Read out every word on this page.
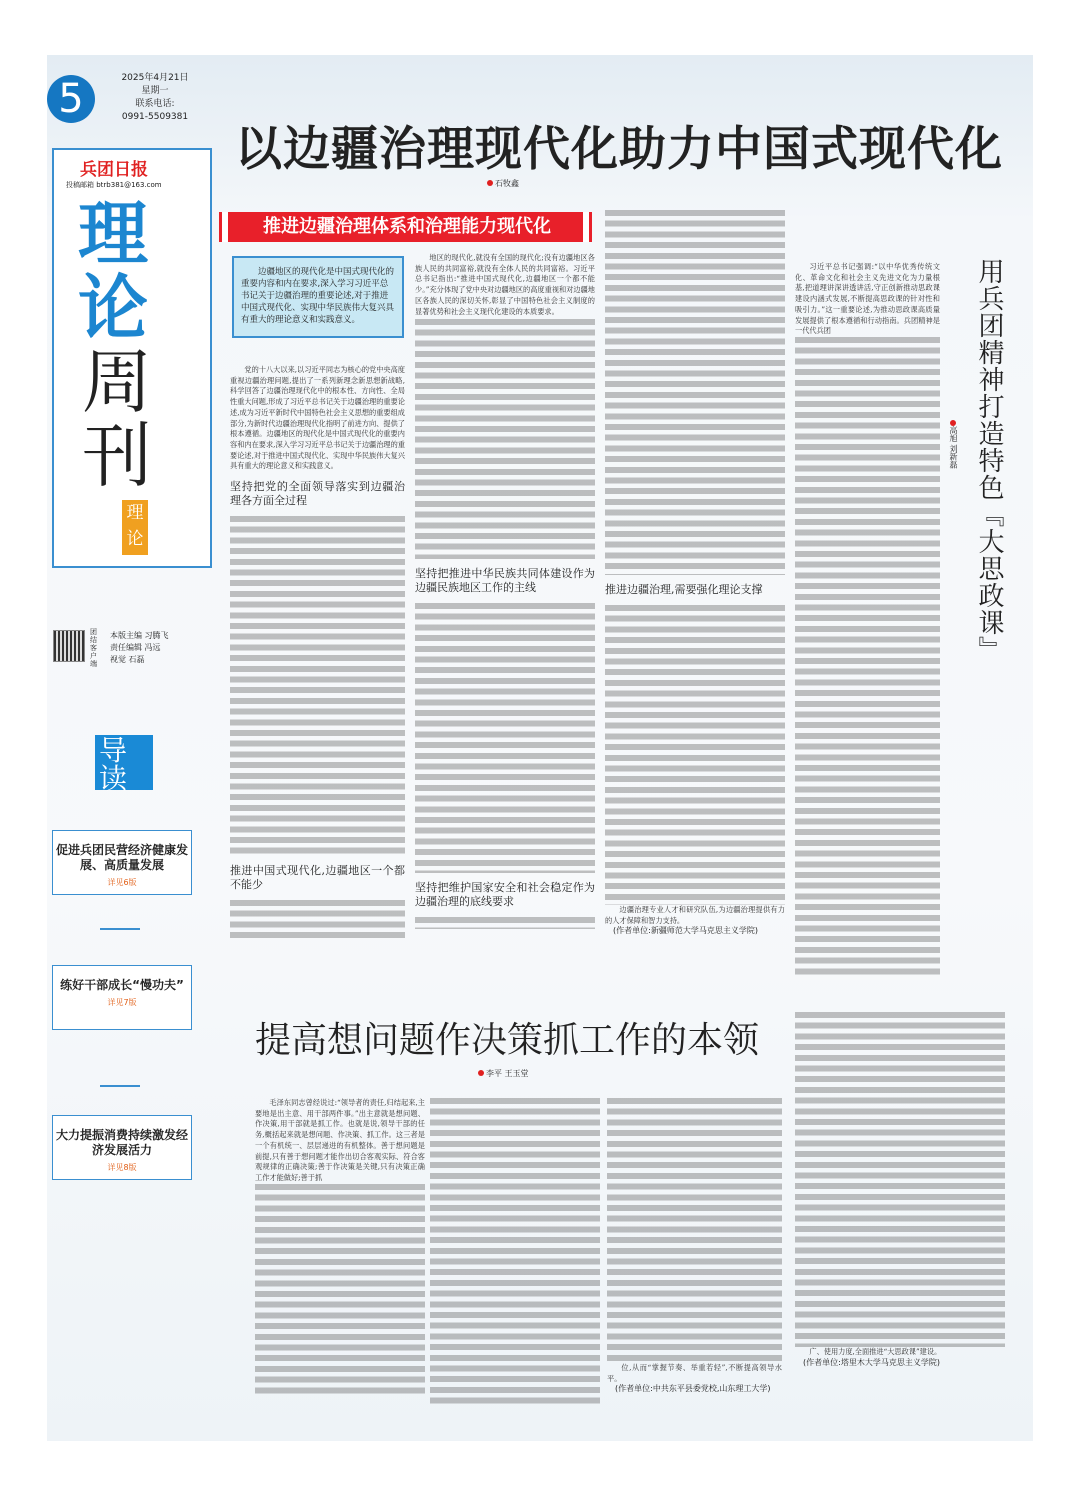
5	2025年4月21日
星期一
联系电话:
0991-5509381
兵团日报
投稿邮箱 btrb381@163.com
理
论
周
刊
理论
团结客户端
本版主编 习腾飞
责任编辑 冯远
视觉 石磊
导读
促进兵团民营经济健康发展、高质量发展
详见6版
练好干部成长“慢功夫”
详见7版
大力提振消费持续激发经济发展活力
详见8版
以边疆治理现代化助力中国式现代化
石牧鑫
推进边疆治理体系和治理能力现代化
边疆地区的现代化是中国式现代化的重要内容和内在要求,深入学习习近平总书记关于边疆治理的重要论述,对于推进中国式现代化、实现中华民族伟大复兴具有重大的理论意义和实践意义。

党的十八大以来,以习近平同志为核心的党中央高度重视边疆治理问题,提出了一系列新理念新思想新战略,科学回答了边疆治理现代化中的根本性、方向性、全局性重大问题,形成了习近平总书记关于边疆治理的重要论述,成为习近平新时代中国特色社会主义思想的重要组成部分,为新时代边疆治理现代化指明了前进方向、提供了根本遵循。边疆地区的现代化是中国式现代化的重要内容和内在要求,深入学习习近平总书记关于边疆治理的重要论述,对于推进中国式现代化、实现中华民族伟大复兴具有重大的理论意义和实践意义。

坚持把党的全面领导落实到边疆治理各方面全过程
推进中国式现代化,边疆地区一个都不能少

地区的现代化,就没有全国的现代化;没有边疆地区各族人民的共同富裕,就没有全体人民的共同富裕。习近平总书记指出:“推进中国式现代化,边疆地区一个都不能少。”充分体现了党中央对边疆地区的高度重视和对边疆地区各族人民的深切关怀,彰显了中国特色社会主义制度的显著优势和社会主义现代化建设的本质要求。

坚持把推进中华民族共同体建设作为边疆民族地区工作的主线
坚持把维护国家安全和社会稳定作为边疆治理的底线要求
推进边疆治理,需要强化理论支撑

边疆治理专业人才和研究队伍,为边疆治理提供有力的人才保障和智力支持。

(作者单位:新疆师范大学马克思主义学院)
用兵团精神打造特色『大思政课』
高旭 刘新磊

习近平总书记强调:“以中华优秀传统文化、革命文化和社会主义先进文化为力量根基,把道理讲深讲透讲活,守正创新推动思政课建设内涵式发展,不断提高思政课的针对性和吸引力。”这一重要论述,为推动思政课高质量发展提供了根本遵循和行动指南。兵团精神是一代代兵团

广、使用力度,全面推进“大思政课”建设。

(作者单位:塔里木大学马克思主义学院)
提高想问题作决策抓工作的本领
李平 王玉堂

毛泽东同志曾经说过:“领导者的责任,归结起来,主要地是出主意、用干部两件事。”出主意就是想问题、作决策,用干部就是抓工作。也就是说,领导干部的任务,概括起来就是想问题、作决策、抓工作。这三者是一个有机统一、层层递进的有机整体。善于想问题是前提,只有善于想问题才能作出切合客观实际、符合客观规律的正确决策;善于作决策是关键,只有决策正确工作才能做好;善于抓

位,从而“掌握节奏、举重若轻”,不断提高领导水平。

(作者单位:中共东平县委党校,山东理工大学)
